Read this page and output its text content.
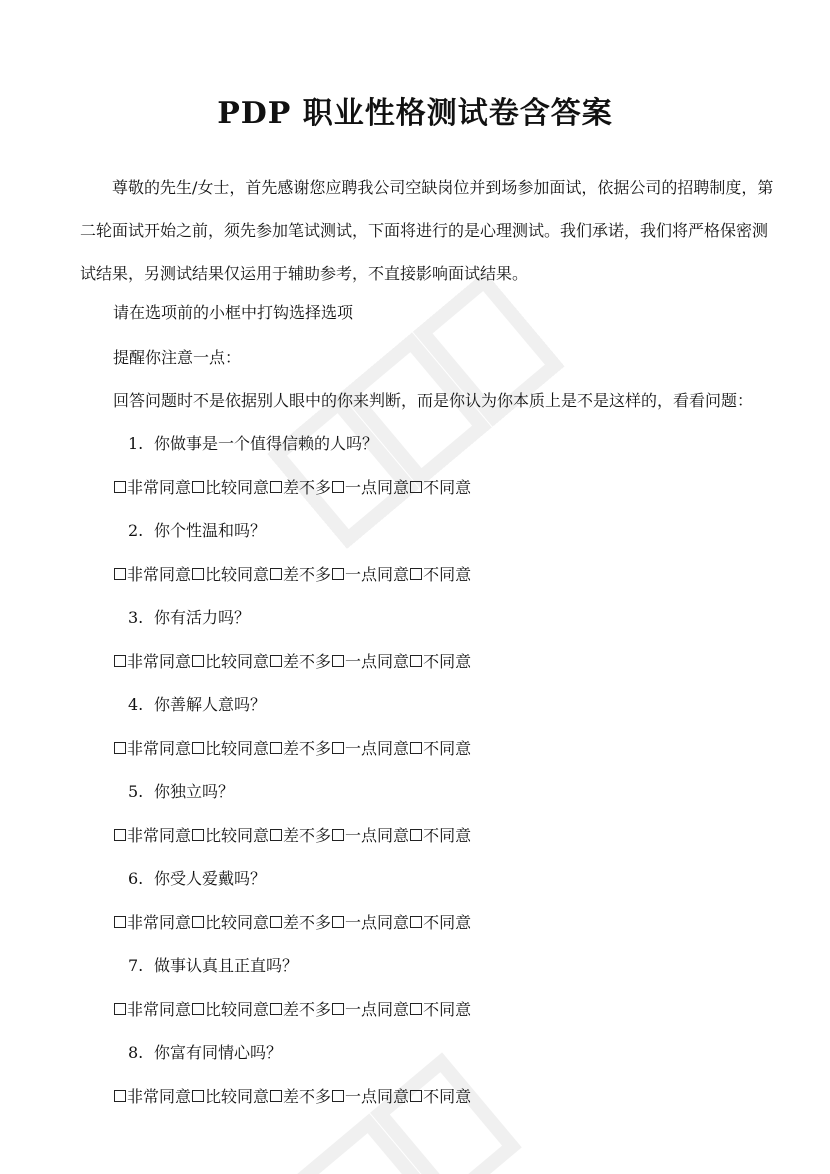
PDP 职业性格测试卷含答案
尊敬的先生/女士，首先感谢您应聘我公司空缺岗位并到场参加面试，依据公司的招聘制度，第二轮面试开始之前，须先参加笔试测试，下面将进行的是心理测试。我们承诺，我们将严格保密测试结果，另测试结果仅运用于辅助参考，不直接影响面试结果。
请在选项前的小框中打钩选择选项
提醒你注意一点：
回答问题时不是依据别人眼中的你来判断，而是你认为你本质上是不是这样的，看看问题：
1. 你做事是一个值得信赖的人吗？
非常同意 比较同意 差不多 一点同意 不同意
2. 你个性温和吗？
非常同意 比较同意 差不多 一点同意 不同意
3. 你有活力吗？
非常同意 比较同意 差不多 一点同意 不同意
4. 你善解人意吗？
非常同意 比较同意 差不多 一点同意 不同意
5. 你独立吗？
非常同意 比较同意 差不多 一点同意 不同意
6. 你受人爱戴吗？
非常同意 比较同意 差不多 一点同意 不同意
7. 做事认真且正直吗？
非常同意 比较同意 差不多 一点同意 不同意
8. 你富有同情心吗？
非常同意 比较同意 差不多 一点同意 不同意
